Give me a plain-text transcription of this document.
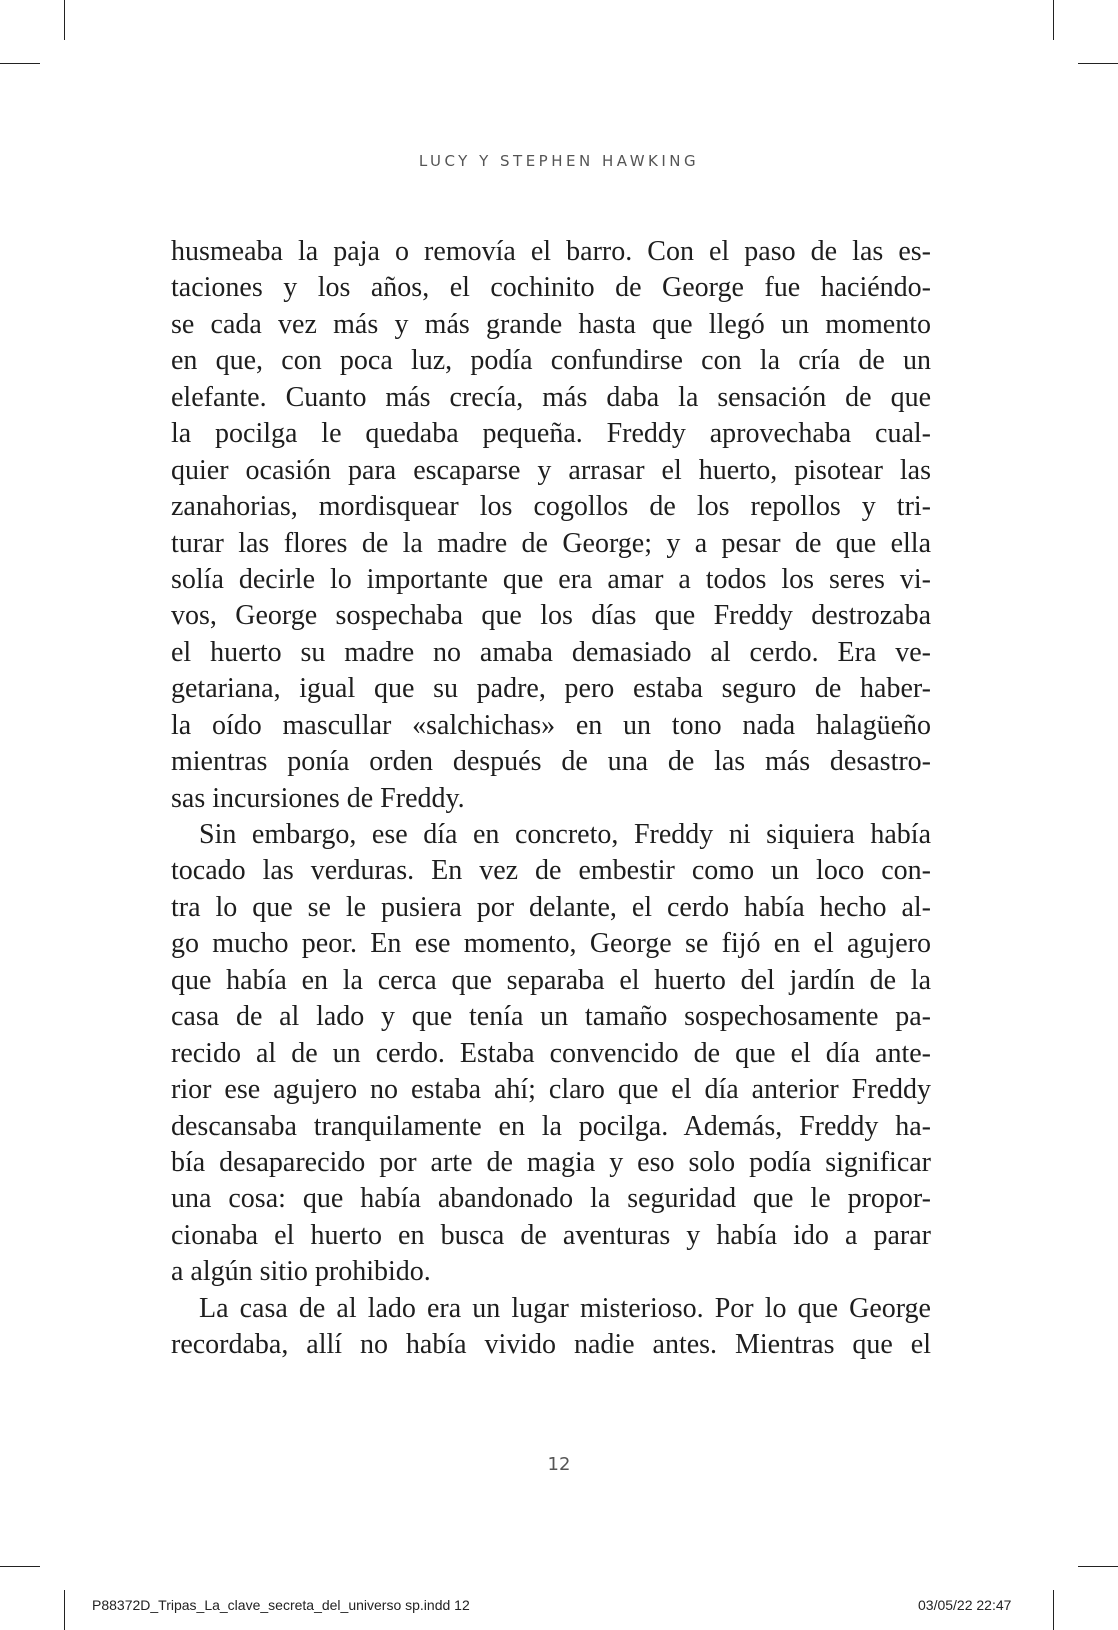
LUCY Y STEPHEN HAWKING
husmeaba la paja o removía el barro. Con el paso de las es-
taciones y los años, el cochinito de George fue haciéndo-
se cada vez más y más grande hasta que llegó un momento
en que, con poca luz, podía confundirse con la cría de un
elefante. Cuanto más crecía, más daba la sensación de que
la pocilga le quedaba pequeña. Freddy aprovechaba cual-
quier ocasión para escaparse y arrasar el huerto, pisotear las
zanahorias, mordisquear los cogollos de los repollos y tri-
turar las flores de la madre de George; y a pesar de que ella
solía decirle lo importante que era amar a todos los seres vi-
vos, George sospechaba que los días que Freddy destrozaba
el huerto su madre no amaba demasiado al cerdo. Era ve-
getariana, igual que su padre, pero estaba seguro de haber-
la oído mascullar «salchichas» en un tono nada halagüeño
mientras ponía orden después de una de las más desastro-
sas incursiones de Freddy.
Sin embargo, ese día en concreto, Freddy ni siquiera había
tocado las verduras. En vez de embestir como un loco con-
tra lo que se le pusiera por delante, el cerdo había hecho al-
go mucho peor. En ese momento, George se fijó en el agujero
que había en la cerca que separaba el huerto del jardín de la
casa de al lado y que tenía un tamaño sospechosamente pa-
recido al de un cerdo. Estaba convencido de que el día ante-
rior ese agujero no estaba ahí; claro que el día anterior Freddy
descansaba tranquilamente en la pocilga. Además, Freddy ha-
bía desaparecido por arte de magia y eso solo podía significar
una cosa: que había abandonado la seguridad que le propor-
cionaba el huerto en busca de aventuras y había ido a parar
a algún sitio prohibido.
La casa de al lado era un lugar misterioso. Por lo que George
recordaba, allí no había vivido nadie antes. Mientras que el
12
P88372D_Tripas_La_clave_secreta_del_universo sp.indd 12	03/05/22 22:47
